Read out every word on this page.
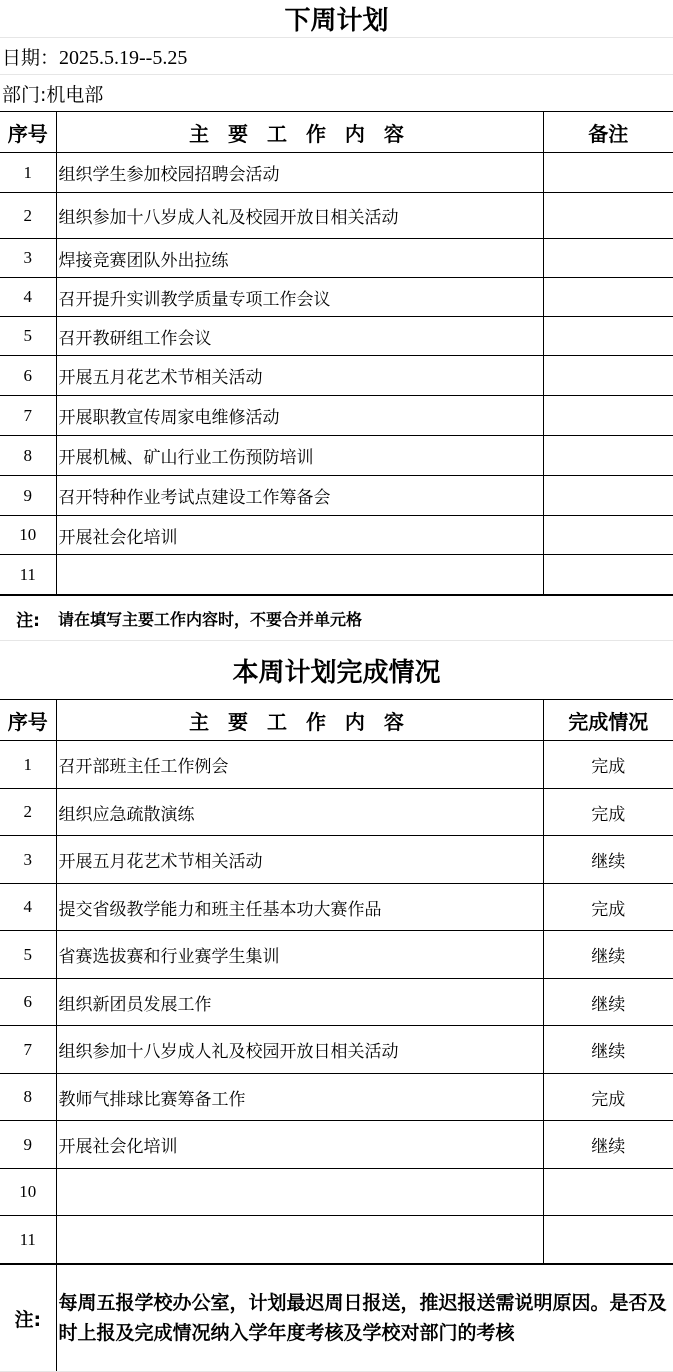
下周计划		
日期：2025.5.19--5.25		
部门:机电部		
序号	主 要 工 作 内 容	备注
1	组织学生参加校园招聘会活动	
2	组织参加十八岁成人礼及校园开放日相关活动	
3	焊接竞赛团队外出拉练	
4	召开提升实训教学质量专项工作会议	
5	召开教研组工作会议	
6	开展五月花艺术节相关活动	
7	开展职教宣传周家电维修活动	
8	开展机械、矿山行业工伤预防培训	
9	召开特种作业考试点建设工作筹备会	
10	开展社会化培训	
11		
注:	请在填写主要工作内容时，不要合并单元格
本周计划完成情况
序号	主 要 工 作 内 容	完成情况
1	召开部班主任工作例会	完成
2	组织应急疏散演练	完成
3	开展五月花艺术节相关活动	继续
4	提交省级教学能力和班主任基本功大赛作品	完成
5	省赛选拔赛和行业赛学生集训	继续
6	组织新团员发展工作	继续
7	组织参加十八岁成人礼及校园开放日相关活动	继续
8	教师气排球比赛筹备工作	完成
9	开展社会化培训	继续
10		
11		
注:	每周五报学校办公室，计划最迟周日报送，推迟报送需说明原因。是否及时上报及完成情况纳入学年度考核及学校对部门的考核
